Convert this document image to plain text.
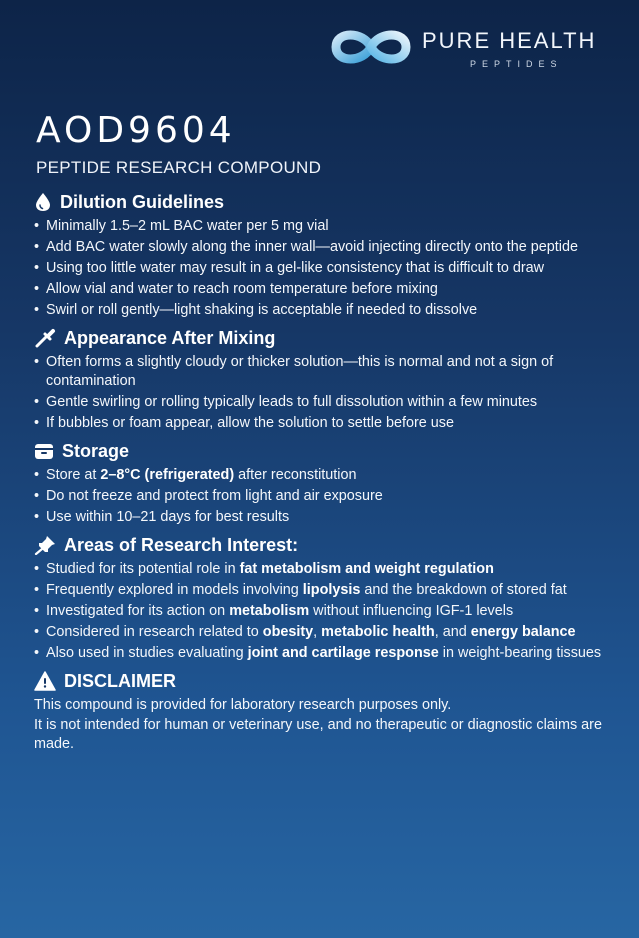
PURE HEALTH
PEPTIDES
AOD9604

PEPTIDE RESEARCH COMPOUND

Dilution Guidelines
• Minimally 1.5–2 mL BAC water per 5 mg vial
• Add BAC water slowly along the inner wall—avoid injecting directly onto the peptide
• Using too little water may result in a gel-like consistency that is difficult to draw
• Allow vial and water to reach room temperature before mixing
• Swirl or roll gently—light shaking is acceptable if needed to dissolve
Appearance After Mixing
• Often forms a slightly cloudy or thicker solution—this is normal and not a sign of contamination
• Gentle swirling or rolling typically leads to full dissolution within a few minutes
• If bubbles or foam appear, allow the solution to settle before use
Storage
• Store at 2–8°C (refrigerated) after reconstitution
• Do not freeze and protect from light and air exposure
• Use within 10–21 days for best results
Areas of Research Interest:
• Studied for its potential role in fat metabolism and weight regulation
• Frequently explored in models involving lipolysis and the breakdown of stored fat
• Investigated for its action on metabolism without influencing IGF-1 levels
• Considered in research related to obesity, metabolic health, and energy balance
• Also used in studies evaluating joint and cartilage response in weight-bearing tissues
DISCLAIMER

This compound is provided for laboratory research purposes only.
It is not intended for human or veterinary use, and no therapeutic or diagnostic claims are made.
